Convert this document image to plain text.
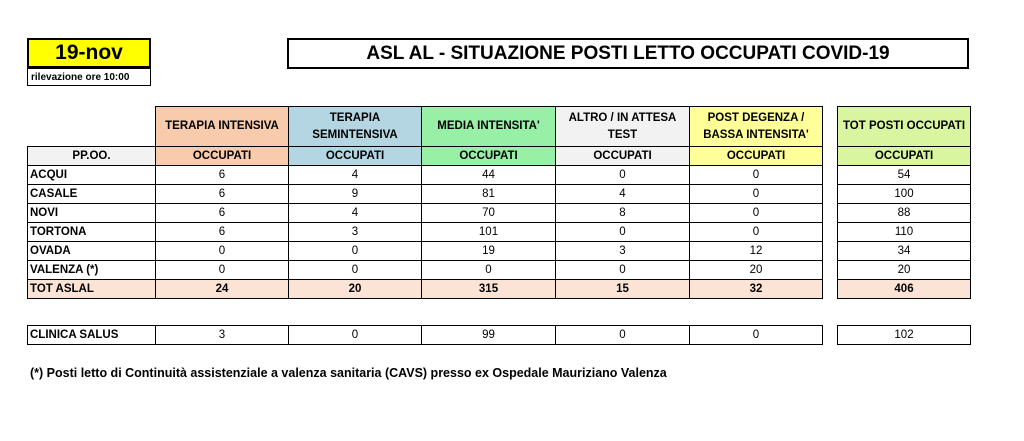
19-nov
rilevazione ore 10:00
ASL AL - SITUAZIONE POSTI LETTO OCCUPATI COVID-19
	TERAPIA INTENSIVA	TERAPIA SEMINTENSIVA	MEDIA INTENSITA'	ALTRO / IN ATTESA TEST	POST DEGENZA / BASSA INTENSITA'		TOT POSTI OCCUPATI
PP.OO.	OCCUPATI	OCCUPATI	OCCUPATI	OCCUPATI	OCCUPATI		OCCUPATI
ACQUI	6	4	44	0	0		54
CASALE	6	9	81	4	0		100
NOVI	6	4	70	8	0		88
TORTONA	6	3	101	0	0		110
OVADA	0	0	19	3	12		34
VALENZA (*)	0	0	0	0	20		20
TOT ASLAL	24	20	315	15	32		406
CLINICA SALUS	3	0	99	0	0		102
(*) Posti letto di Continuità assistenziale a valenza sanitaria (CAVS) presso ex Ospedale Mauriziano Valenza
